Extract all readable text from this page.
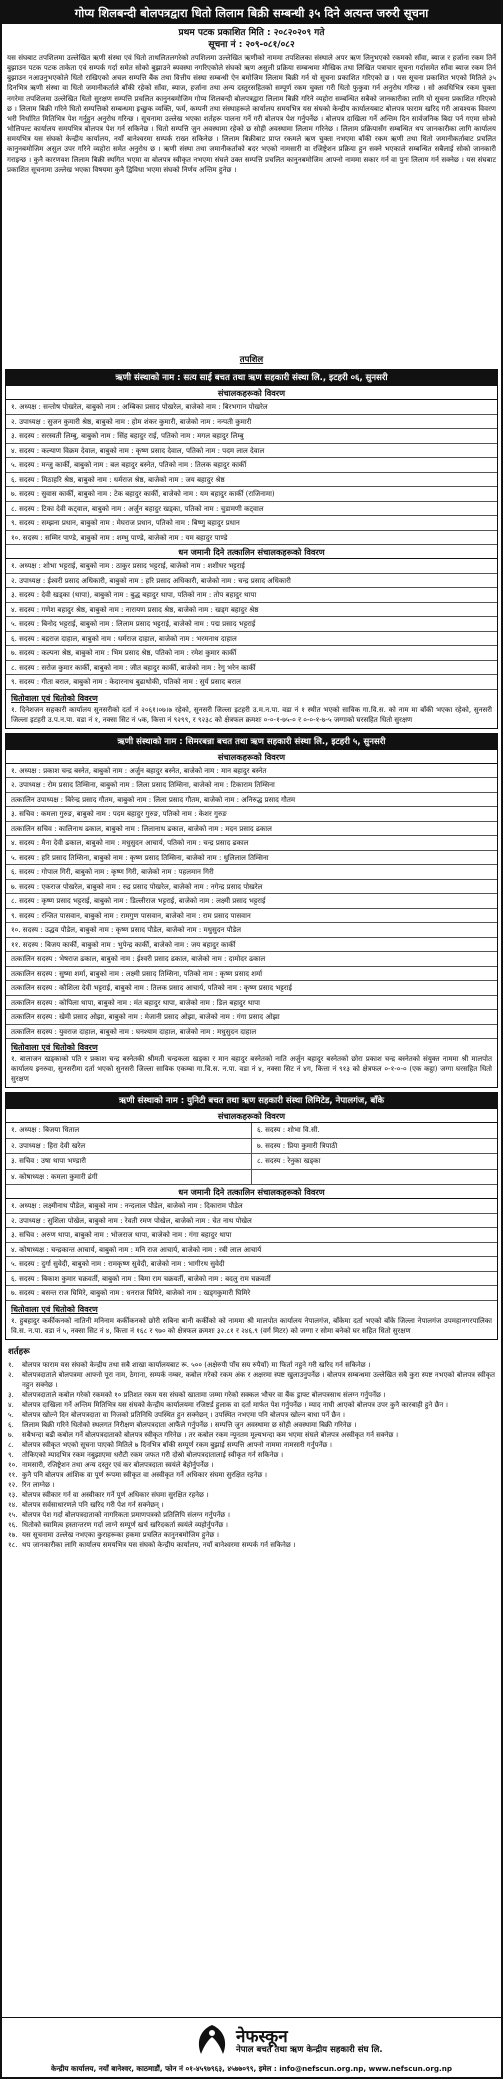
गोप्य शिलबन्दी बोलपत्रद्वारा धितो लिलाम बिक्री सम्बन्धी ३५ दिने अत्यन्त जरुरी सूचना
प्रथम पटक प्रकाशित मिति : २०८२०२०९ गते
सूचना नं : २०९-०८१/०८२
यस संघबाट तपशिलमा उल्लेखित ऋणी संस्था एवं धितो ताथलितलगरेको तपशिलमा उल्लेखित ऋणीको नाममा तपशिलका संस्थाले अपर ऋण लिनुभएको रकमको साँवा, ब्याज र हर्जाना रकम तिर्ने बुझाउन पटक पटक ताकेता एवं सम्पर्क गर्दा समेत सोको बुझाउने ब्यवस्था नगरिएकोले संघको ऋण असुली प्रक्रिया सम्बन्धमा मौखिक तथा लिखित पत्राचार सूचना गर्दासमेत साँवा ब्याज रकम तिर्न बुझाउन नआउनुभएकोले धितो राखिएको अचल सम्पत्ति बैंक तथा वित्तीय संस्था सम्बन्धी ऐन बमोजिम लिलाम बिक्री गर्न यो सूचना प्रकाशित गरिएको छ । यस सूचना प्रकाशित भएको मितिले ३५ दिनभित्र ऋणी संस्था वा धितो जमानीकर्ताले बाँकी रहेको साँवा, ब्याज, हर्जाना तथा अन्य दस्तुरसहितको सम्पूर्ण रकम चुक्ता गरी धितो फुकुवा गर्न अनुरोध गरिन्छ । सो अवधिभित्र रकम चुक्ता नगरेमा तपशिलमा उल्लेखित धितो सुरक्षण सम्पत्ति प्रचलित कानुनबमोजिम गोप्य शिलबन्दी बोलपत्रद्वारा लिलाम बिक्री गरिने व्यहोरा सम्बन्धित सबैको जानकारीका लागि यो सूचना प्रकाशित गरिएको छ । लिलाम बिक्री गरिने धितो सम्पत्तिको सम्बन्धमा इच्छुक व्यक्ति, फर्म, कम्पनी तथा संस्थाहरूले कार्यालय समयभित्र यस संघको केन्द्रीय कार्यालयबाट बोलपत्र फाराम खरिद गरी आवश्यक विवरण भरी निर्धारित मितिभित्र पेश गर्नुहुन अनुरोध गरिन्छ । सूचनामा उल्लेख भएका शर्तहरू पालना गर्ने गरी बोलपत्र पेश गर्नुपर्नेछ । बोलपत्र दाखिला गर्ने अन्तिम दिन सार्वजनिक बिदा पर्न गएमा सोको भोलिपल्ट कार्यालय समयभित्र बोलपत्र पेश गर्न सकिनेछ । धितो सम्पत्ति जुन अवस्थामा रहेको छ सोही अवस्थामा लिलाम गरिनेछ । लिलाम प्रक्रियासँग सम्बन्धित थप जानकारीका लागि कार्यालय समयभित्र यस संघको केन्द्रीय कार्यालय, नयाँ बानेश्वरमा सम्पर्क राख्न सकिनेछ । लिलाम बिक्रीबाट प्राप्त रकमले ऋण चुक्ता नभएमा बाँकी रकम ऋणी तथा धितो जमानीकर्ताबाट प्रचलित कानुनबमोजिम असुल उपर गरिने व्यहोरा समेत अनुरोध छ । ऋणी संस्था तथा जमानीकर्ताको बदर भएको नामसारी वा रजिष्ट्रेशन प्रक्रिया हुन सक्ने भएकाले सम्बन्धित सबैलाई सोको जानकारी गराइन्छ । कुनै कारणवश लिलाम बिक्री स्थगित भएमा वा बोलपत्र स्वीकृत नभएमा संघले उक्त सम्पत्ति प्रचलित कानुनबमोजिम आफ्नो नाममा सकार गर्न वा पुनः लिलाम गर्न सक्नेछ । यस संघबाट प्रकाशित सूचनामा उल्लेख भएका विषयमा कुनै द्विविधा भएमा संघको निर्णय अन्तिम हुनेछ ।
तपशिल
ऋणी संस्थाको नाम : सत्य साई बचत तथा ऋण सहकारी संस्था लि., इटहरी ०६, सुनसरी
संचालकहरूको विवरण
१. अध्यक्ष : सन्तोष पोखरेल, बाबुको नाम : अम्बिका प्रसाद पोखरेल, बाजेको नाम : बिरभगान पोखरेल
२. उपाध्यक्ष : सुजन कुमारी श्रेष्ठ, बाबुको नाम : होम शंकर कुमारी, बाजेको नाम : नन्पती कुमारी
३. सदस्य : सरस्वती लिम्बु, बाबुको नाम : सिंह बहादुर राई, पतिको नाम : मगल बहादुर लिम्बु
४. सदस्य : कल्याण विक्रम देवाल, बाबुको नाम : कृष्ण प्रसाद देवाल, पतिको नाम : पदम लाल देवाल
५. सदस्य : मन्जु कार्की, बाबुको नाम : बल बहादुर बस्नेत, पतिको नाम : तिलक बहादुर कार्की
६. सदस्य : मिठाहरि श्रेष्ठ, बाबुको नाम : धर्मराज श्रेष्ठ, बाजेको नाम : जय बहादुर श्रेष्ठ
७. सदस्य : सुवास कार्की, बाबुको नाम : टेक बहादुर कार्की, बाजेको नाम : यम बहादुर कार्की (राजिनामा)
८. सदस्य : टिका देवी कट्वाल, बाबुको नाम : अर्जुन बहादुर खड्का, पतिको नाम : चुडामणी कट्वाल
९. सदस्य : सम्झना प्रधान, बाबुको नाम : मेघराज प्रधान, पतिको नाम : बिष्णु बहादुर प्रधान
१०. सदस्य : सम्मिर पाण्डे, बाबुको नाम : शम्भु पाण्डे, बाजेको नाम : यम बहादुर पाण्डे
धन जमानी दिने तत्कालिन संचालकहरूको विवरण
१. अध्यक्ष : शोभा भट्टराई, बाबुको नाम : ठाकुर प्रसाद भट्टराई, बाजेको नाम : शशीधर भट्टराई
२. उपाध्यक्ष : ईश्वरी प्रसाद अधिकारी, बाबुको नाम : हरि प्रसाद अधिकारी, बाजेको नाम : चन्द्र प्रसाद अधिकारी
३. सदस्य : देवी खड्का (थापा), बाबुको नाम : बुद्ध बहादुर थापा, पतिको नाम : तोप बहादुर थापा
४. सदस्य : गणेश बहादुर श्रेष्ठ, बाबुको नाम : नारायण प्रसाद श्रेष्ठ, बाजेको नाम : खड्ग बहादुर श्रेष्ठ
५. सदस्य : बिनोद भट्टराई, बाबुको नाम : लिलाम प्रसाद भट्टराई, बाजेको नाम : पद्म प्रसाद भट्टराई
६. सदस्य : बद्रराज दाहाल, बाबुको नाम : धर्मराज दाहाल, बाजेको नाम : भरमनाथ दाहाल
७. सदस्य : कल्पना श्रेष्ठ, बाबुको नाम : भिम प्रसाद श्रेष्ठ, पतिको नाम : रमेश कुमार कार्की
८. सदस्य : सरोज कुमार कार्की, बाबुको नाम : जीत बहादुर कार्की, बाजेको नाम : रेगु भरेन कार्की
९. सदस्य : गीता बराल, बाबुको नाम : केदारनाथ बुढाथोकी, पतिको नाम : सुर्य प्रसाद बराल
धितोवाला एवं धितोको विवरण
१. दिनेशजन सहकारी कार्यालय सुनसरीको दर्ता नं २०६१।०७।७ रहेको, सुनसरी जिल्ला इटहरी उ.म.न.पा. वडा नं १ स्थीत भएको साविक गा.वि.स. को नाम मा बाँकी भएका रहेको, सुनसरी जिल्ला इटहरी उ.प.न.पा. वडा नं १, नक्सा सिट नं ५क, कित्ता नं ९२९९, र ९२३८ को क्षेत्रफल क्रमशः ०-०-१-७५-० र ०-०-१-७-५ जग्गाको घरसहित धितो सुरक्षण
ऋणी संस्थाको नाम : सिमरबन्ना बचत तथा ऋण सहकारी संस्था लि., इटहरी ५, सुनसरी
संचालकहरूको विवरण
१. अध्यक्ष : प्रकाश चन्द्र बस्नेत, बाबुको नाम : अर्जुन बहादुर बस्नेत, बाजेको नाम : मान बहादुर बस्नेत
२. उपाध्यक्ष : रोम प्रसाद तिम्सिना, बाबुको नाम : लिला प्रसाद तिम्सिना, बाजेको नाम : टिकाराम तिम्सिना
तत्कालिन उपाध्यक्ष : बिरेन्द्र प्रसाद गौतम, बाबुको नाम : लिला प्रसाद गौतम, बाजेको नाम : अनिरुद्ध प्रसाद गौतम
३. सचिव : कमला गुरुङ, बाबुको नाम : पदम बहादुर गुरुङ, पतिको नाम : केशर गुरुङ
तत्कालिन सचिव : कालिनाथ ढकाल, बाबुको नाम : लिलानाथ ढकाल, बाजेको नाम : मदन प्रसाद ढकाल
४. सदस्य : मैना देवी ढकाल, बाबुको नाम : मधुसुदन आचार्य, पतिको नाम : चन्द्र प्रसाद ढकाल
५. सदस्य : हरि प्रसाद तिम्सिना, बाबुको नाम : कृष्ण प्रसाद तिम्सिना, बाजेको नाम : धुलिलाल तिम्सिना
६. सदस्य : गोपाल गिरी, बाबुको नाम : कृष्ण गिरी, बाजेको नाम : पहलमान गिरी
७. सदस्य : एकराज पोखरेल, बाबुको नाम : रुद्र प्रसाद पोखरेल, बाजेको नाम : नगेन्द्र प्रसाद पोखरेल
८. सदस्य : कृष्ण प्रसाद भट्टराई, बाबुको नाम : डिल्लीराज भट्टराई, बाजेको नाम : लक्ष्मी प्रसाद भट्टराई
९. सदस्य : रन्जित पासवान, बाबुको नाम : रामगुण पासवान, बाजेको नाम : राम प्रसाद पासवान
१०. सदस्य : उद्धव पौडेल, बाबुको नाम : कृष्ण प्रसाद पौडेल, बाजेको नाम : मधुसुदन पौडेल
११. सदस्य : बिजय कार्की, बाबुको नाम : भुपेन्द्र कार्की, बाजेको नाम : जय बहादुर कार्की
तत्कालिन सदस्य : भेषराज ढकाल, बाबुको नाम : ईश्वरी प्रसाद ढकाल, बाजेको नाम : दामोदर ढकाल
तत्कालिन सदस्य : सुष्मा शर्मा, बाबुको नाम : लक्ष्मी प्रसाद तिम्सिना, पतिको नाम : कृष्ण प्रसाद शर्मा
तत्कालिन सदस्य : कौशिला देवी भट्टराई, बाबुको नाम : तिलक प्रसाद आचार्य, पतिको नाम : कृष्ण प्रसाद भट्टराई
तत्कालिन सदस्य : कोपिला थापा, बाबुको नाम : मंत बहादुर थापा, बाजेको नाम : डिल बहादुर थापा
तत्कालिन सदस्य : खेमी प्रसाद ओझा, बाबुको नाम : मेजानी प्रसाद ओझा, बाजेको नाम : गंगा प्रसाद ओझा
तत्कालिन सदस्य : युवराज दाहाल, बाबुको नाम : घनश्याम दाहाल, बाजेको नाम : मधुसुदन दाहाल
धितोवाला एवं धितोको विवरण
१. बालाजन खड्काको पति र प्रकाश चन्द्र बस्नेतकी श्रीमती चन्द्रकला खड्का र मान बहादुर बस्नेतको नाति अर्जुन बहादुर बस्नेतको छोरा प्रकाश चन्द्र बस्नेतको संयुक्त नाममा श्री मालपोत कार्यालय इनरुवा, सुनसरीमा दर्ता भएको सुनसरी जिल्ला साविक एकम्बा गा.वि.स. न.पा. वडा नं ४, नक्सा सिट नं ४ग, कित्ता नं ९१३ को क्षेत्रफल ०-१-०-० (एक कट्ठा) जग्गा घरसहित धितो सुरक्षण
ऋणी संस्थाको नाम : युनिटी बचत तथा ऋण सहकारी संस्था लिमिटेड, नेपालगंज, बाँके
संचालकहरूको विवरण
१. अध्यक्ष : बिजया धिताल	६. सदस्य : शोभा वि.सी.
२. उपाध्यक्ष : हिरा देवी खरेल	७. सदस्य : प्रिया कुमारी त्रिपाठी
३. सचिव : उषा थापा भण्डारी	८. सदस्य : रेनुका खड्का
४. कोषाध्यक्ष : कमला कुमारी ढंगी
धन जमानी दिने तत्कालिन संचालकहरूको विवरण
१. अध्यक्ष : लक्ष्मीनाथ पौडेल, बाबुको नाम : नन्दलाल पौडेल, बाजेको नाम : दिकाराम पौडेल
२. उपाध्यक्ष : सुशिला पोखेल, बाबुको नाम : रेवती रमण पोखेल, बाजेको नाम : चेत नाथ पोखेल
३. सचिव : अरुण थापा, बाबुको नाम : भोजराज थापा, बाजेको नाम : गंगा बहादुर थापा
४. कोषाध्यक्ष : चन्द्रकान्त आचार्य, बाबुको नाम : मनि राज आचार्य, बाजेको नाम : रबी लाल आचार्य
५. सदस्य : दुर्गा सुवेदी, बाबुको नाम : रामकृष्ण सुवेदी, बाजेको नाम : भागीरथ सुवेदी
६. सदस्य : बिकाश कुमार चक्रवर्ती, बाबुको नाम : बिमा राम चक्रवर्ती, बाजेको नाम : बदलु राम चक्रवर्ती
७. सदस्य : बसन्त राज घिमिरे, बाबुको नाम : धनराज घिमिरे, बाजेको नाम : खड्गकुमारी घिमिरे
धितोवाला एवं धितोको विवरण
१. हुबहादुर कर्कीकनको नातिनी मनिनाम कर्कीकनको छोरी सबिना बानी कर्कीको को नाममा श्री मालपोत कार्यालय नेपालगंज, बाँकेमा दर्ता भएको बाँके जिल्ला नेपालगंज उपमहानगरपालिका वि.स. न.पा. वडा नं ५, नक्सा सिट नं ४, कित्ता नं १६८ र ९७० को क्षेत्रफल क्रमशः ३२.८१ र २४६.९ (वर्ग मिटर) को जग्गा र सोमा बनेको घर सहित धितो सुरक्षण
शर्तहरू
१.	बोलपत्र फाराम यस संघको केन्द्रीय तथा सबै शाखा कार्यालयबाट रू. ५०० (अक्षेरुपी पाँच सय रुपैयाँ) मा फिर्ता नहुने गरी खरिद गर्न सकिनेछ ।
२.	बोलपत्रदाताले बोलपत्रमा आफ्नो पूरा नाम, ठेगाना, सम्पर्क नम्बर, कबोल गरेको रकम अंक र अक्षरमा स्पष्ट खुलाउनुपर्नेछ । बोलपत्र सम्बन्धमा उल्लेखित सबै कुरा स्पष्ट नभएको बोलपत्र स्वीकृत नहुन सक्नेछ ।
३.	बोलपत्रदाताले कबोल गरेको रकमको १० प्रतिशत रकम यस संघको खातामा जम्मा गरेको सक्कल भौचर वा बैंक ड्राफ्ट बोलपत्रसाथ संलग्न गर्नुपर्नेछ ।
४.	बोलपत्र दाखिला गर्ने अन्तिम मितिभित्र यस संघको केन्द्रीय कार्यालयमा रजिष्टर्ड हुलाक वा दर्ता मार्फत पेश गर्नुपर्नेछ । म्याद नाघी आएको बोलपत्र उपर कुनै कारबाही हुने छैन ।
५.	बोलपत्र खोल्ने दिन बोलपत्रदाता वा निजको प्रतिनिधि उपस्थित हुन सक्नेछन् । उपस्थित नभएमा पनि बोलपत्र खोल्न बाधा पर्ने छैन ।
६.	लिलाम बिक्री गरिने धितोको स्थलगत निरीक्षण बोलपत्रदाता आफैंले गर्नुपर्नेछ । सम्पत्ति जुन अवस्थामा छ सोही अवस्थामा बिक्री गरिनेछ ।
७.	सबैभन्दा बढी कबोल गर्ने बोलपत्रदाताको बोलपत्र स्वीकृत गरिनेछ । तर कबोल रकम न्यूनतम मूल्यभन्दा कम भएमा संघले बोलपत्र अस्वीकृत गर्न सक्नेछ ।
८.	बोलपत्र स्वीकृत भएको सूचना पाएको मितिले ७ दिनभित्र बाँकी सम्पूर्ण रकम बुझाई सम्पत्ति आफ्नो नाममा नामसारी गर्नुपर्नेछ ।
९.	तोकिएको म्यादभित्र रकम नबुझाएमा धरौटी रकम जफत गरी दोस्रो बोलपत्रदातालाई स्वीकृत गर्न सकिनेछ ।
१०. नामसारी, रजिष्ट्रेशन तथा अन्य दस्तुर एवं कर बोलपत्रदाता स्वयंले बेहोर्नुपर्नेछ ।
११. कुनै पनि बोलपत्र आंशिक वा पूर्ण रूपमा स्वीकृत वा अस्वीकृत गर्ने अधिकार संघमा सुरक्षित रहनेछ ।
१२. रिन लाग्नेछ ।
१३. बोलपत्र स्वीकार गर्न वा अस्वीकार गर्ने पूर्ण अधिकार संघमा सुरक्षित रहनेछ ।
१४. बोलपत्र सर्वसाधारणले पनि खरिद गरी पेश गर्न सक्नेछन् ।
१५. बोलपत्र पेश गर्दा बोलपत्रदाताको नागरिकता प्रमाणपत्रको प्रतिलिपि संलग्न गर्नुपर्नेछ ।
१६. धितोको स्वामित्व हस्तान्तरण गर्दा लाग्ने सम्पूर्ण खर्च खरिदकर्ता स्वयंले व्यहोर्नुपर्नेछ ।
१७. यस सूचनामा उल्लेख नभएका कुराहरूका हकमा प्रचलित कानुनबमोजिम हुनेछ ।
१८. थप जानकारीका लागि कार्यालय समयभित्र यस संघको केन्द्रीय कार्यालय, नयाँ बानेश्वरमा सम्पर्क गर्न सकिनेछ ।
नेफस्कून
नेपाल बचत तथा ऋण केन्द्रीय सहकारी संघ लि.
केन्द्रीय कार्यालय, नयाँ बानेश्वर, काठमाडौं, फोन नं ०१-४५९७९६३, ४५७७०९९, इमेल : info@nefscun.org.np, www.nefscun.org.np
